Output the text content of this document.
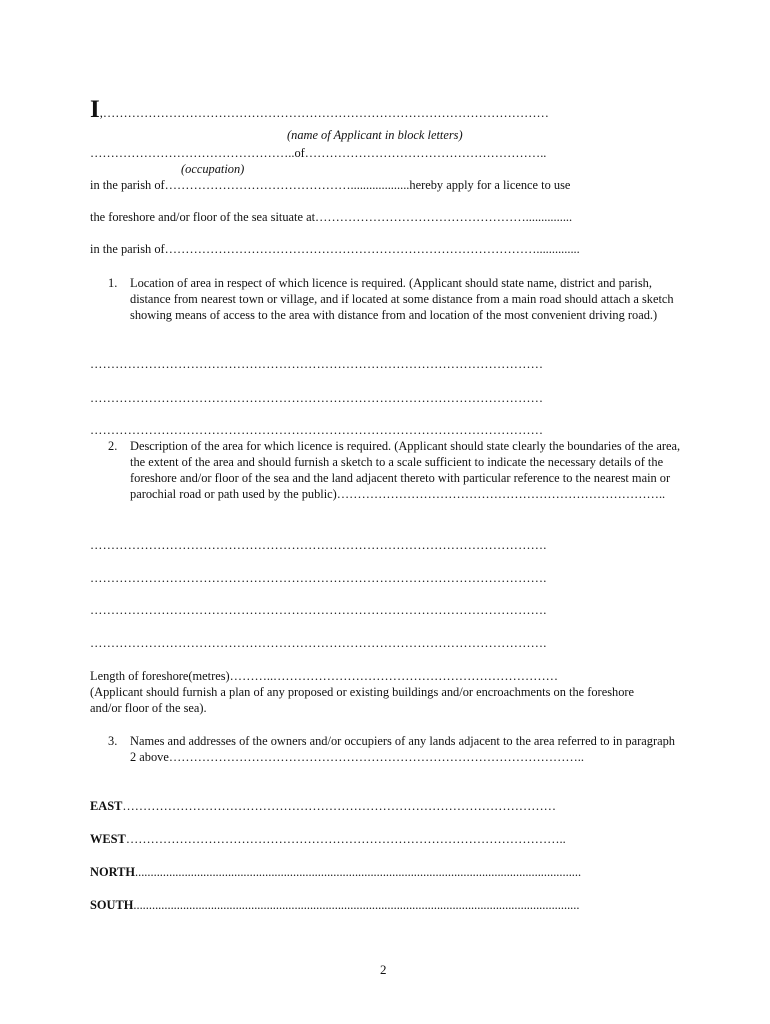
I,………………………………………………………………………………………………
(name of Applicant in block letters)
…………………………………………..of…………………………………………………..
(occupation)
in the parish of………………………………………...................hereby apply for a licence to use
the foreshore and/or floor of the sea situate at……………………………………………...............
in the parish of………………………………………………………………………………..............
1. Location of area in respect of which licence is required. (Applicant should state name, district and parish, distance from nearest town or village, and if located at some distance from a main road should attach a sketch showing means of access to the area with distance from and location of the most convenient driving road.)
………………………………………………………………………………………………
………………………………………………………………………………………………
………………………………………………………………………………………………
2. Description of the area for which licence is required. (Applicant should state clearly the boundaries of the area, the extent of the area and should furnish a sketch to a scale sufficient to indicate the necessary details of the foreshore and/or floor of the sea and the land adjacent thereto with particular reference to the nearest main or parochial road or path used by the public)……………………………………………………………………..
……………………………………………………………………………………………….
……………………………………………………………………………………………….
……………………………………………………………………………………………….
……………………………………………………………………………………………….
Length of foreshore(metres)………..……………………………………………………………
(Applicant should furnish a plan of any proposed or existing buildings and/or encroachments on the foreshore and/or floor of the sea).
3. Names and addresses of the owners and/or occupiers of any lands adjacent to the area referred to in paragraph 2 above………………………………………………………………………………………..
EAST……………………………………………………………………………………………
WEST……………………………………………………………………………………………..
NORTH................................................................................................................................................
SOUTH................................................................................................................................................
2
